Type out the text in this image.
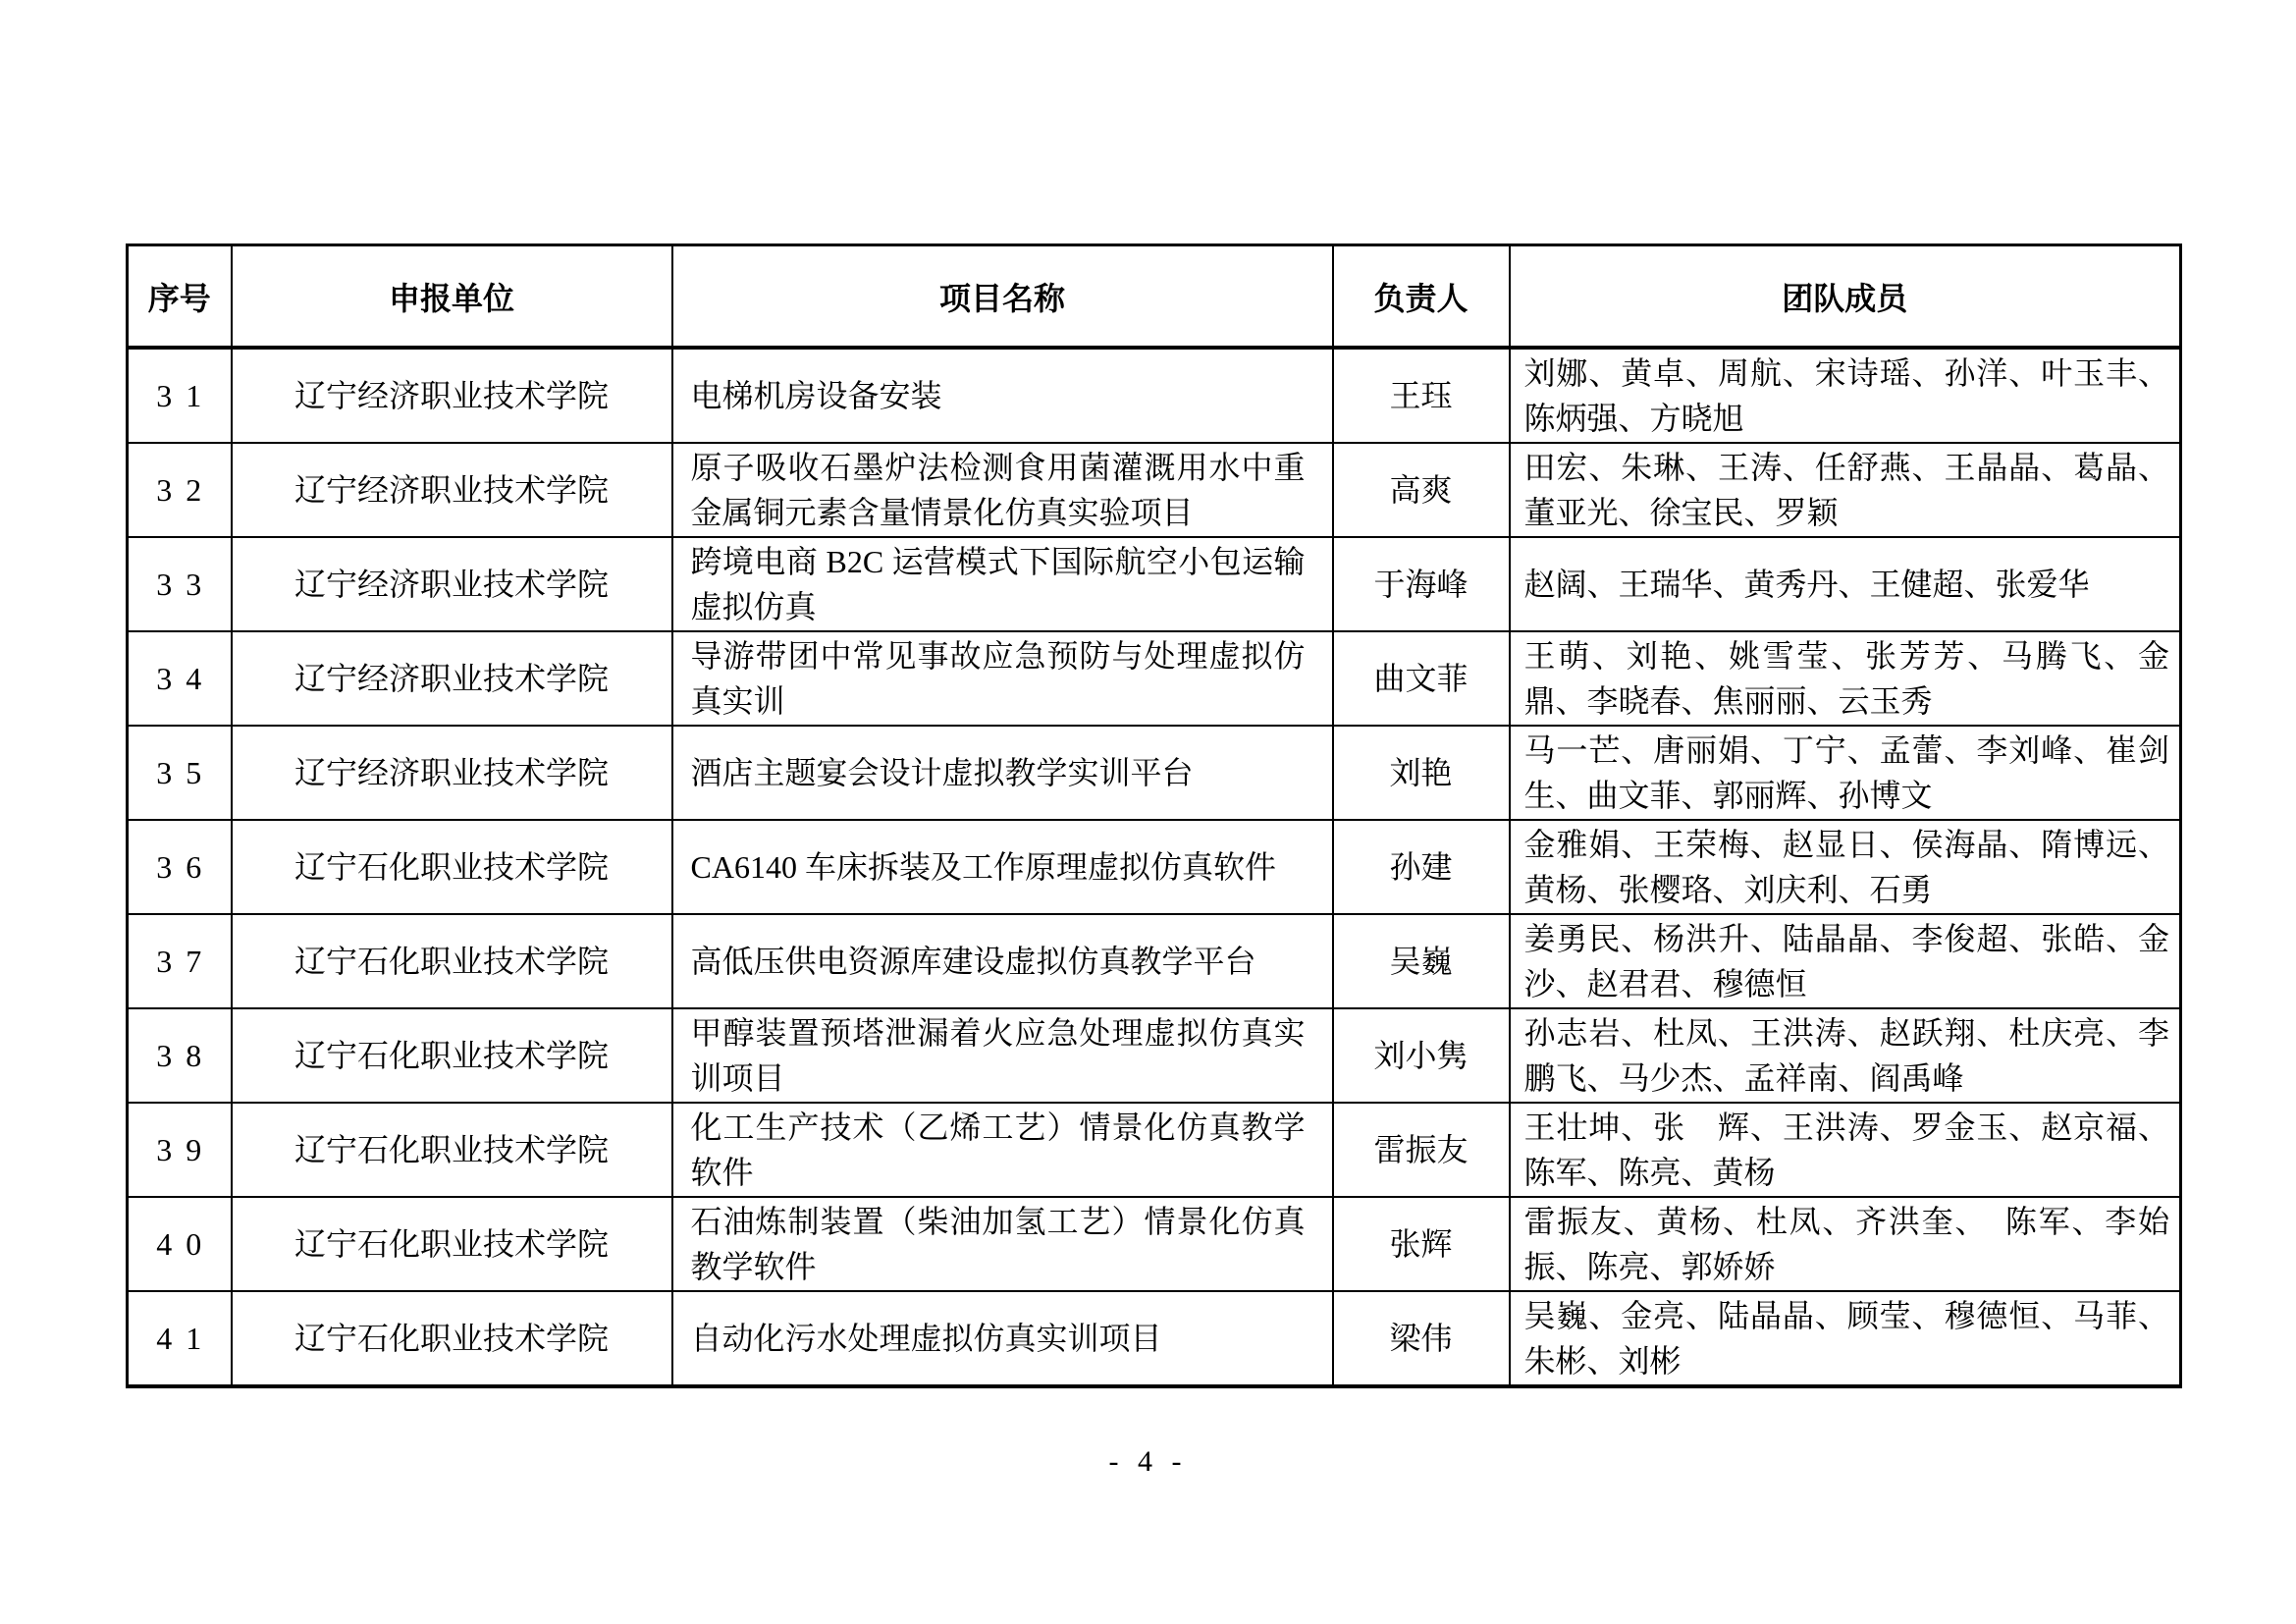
序号	申报单位	项目名称	负责人	团队成员
31	辽宁经济职业技术学院	电梯机房设备安装	王珏	刘娜、黄卓、周航、宋诗瑶、孙洋、叶玉丰、陈炳强、方晓旭
32	辽宁经济职业技术学院	原子吸收石墨炉法检测食用菌灌溉用水中重金属铜元素含量情景化仿真实验项目	高爽	田宏、朱琳、王涛、任舒燕、王晶晶、葛晶、董亚光、徐宝民、罗颖
33	辽宁经济职业技术学院	跨境电商 B2C 运营模式下国际航空小包运输虚拟仿真	于海峰	赵阔、王瑞华、黄秀丹、王健超、张爱华
34	辽宁经济职业技术学院	导游带团中常见事故应急预防与处理虚拟仿真实训	曲文菲	王萌、刘艳、姚雪莹、张芳芳、马腾飞、金鼎、李晓春、焦丽丽、云玉秀
35	辽宁经济职业技术学院	酒店主题宴会设计虚拟教学实训平台	刘艳	马一芒、唐丽娟、丁宁、孟蕾、李刘峰、崔剑生、曲文菲、郭丽辉、孙博文
36	辽宁石化职业技术学院	CA6140 车床拆装及工作原理虚拟仿真软件	孙建	金雅娟、王荣梅、赵显日、侯海晶、隋博远、黄杨、张樱珞、刘庆利、石勇
37	辽宁石化职业技术学院	高低压供电资源库建设虚拟仿真教学平台	吴巍	姜勇民、杨洪升、陆晶晶、李俊超、张皓、金沙、赵君君、穆德恒
38	辽宁石化职业技术学院	甲醇装置预塔泄漏着火应急处理虚拟仿真实训项目	刘小隽	孙志岩、杜凤、王洪涛、赵跃翔、杜庆亮、李鹏飞、马少杰、孟祥南、阎禹峰
39	辽宁石化职业技术学院	化工生产技术（乙烯工艺）情景化仿真教学软件	雷振友	王壮坤、张　辉、王洪涛、罗金玉、赵京福、陈军、陈亮、黄杨
40	辽宁石化职业技术学院	石油炼制装置（柴油加氢工艺）情景化仿真教学软件	张辉	雷振友、黄杨、杜凤、齐洪奎、　陈军、李始振、陈亮、郭娇娇
41	辽宁石化职业技术学院	自动化污水处理虚拟仿真实训项目	梁伟	吴巍、金亮、陆晶晶、顾莹、穆德恒、马菲、朱彬、刘彬
- 4 -
